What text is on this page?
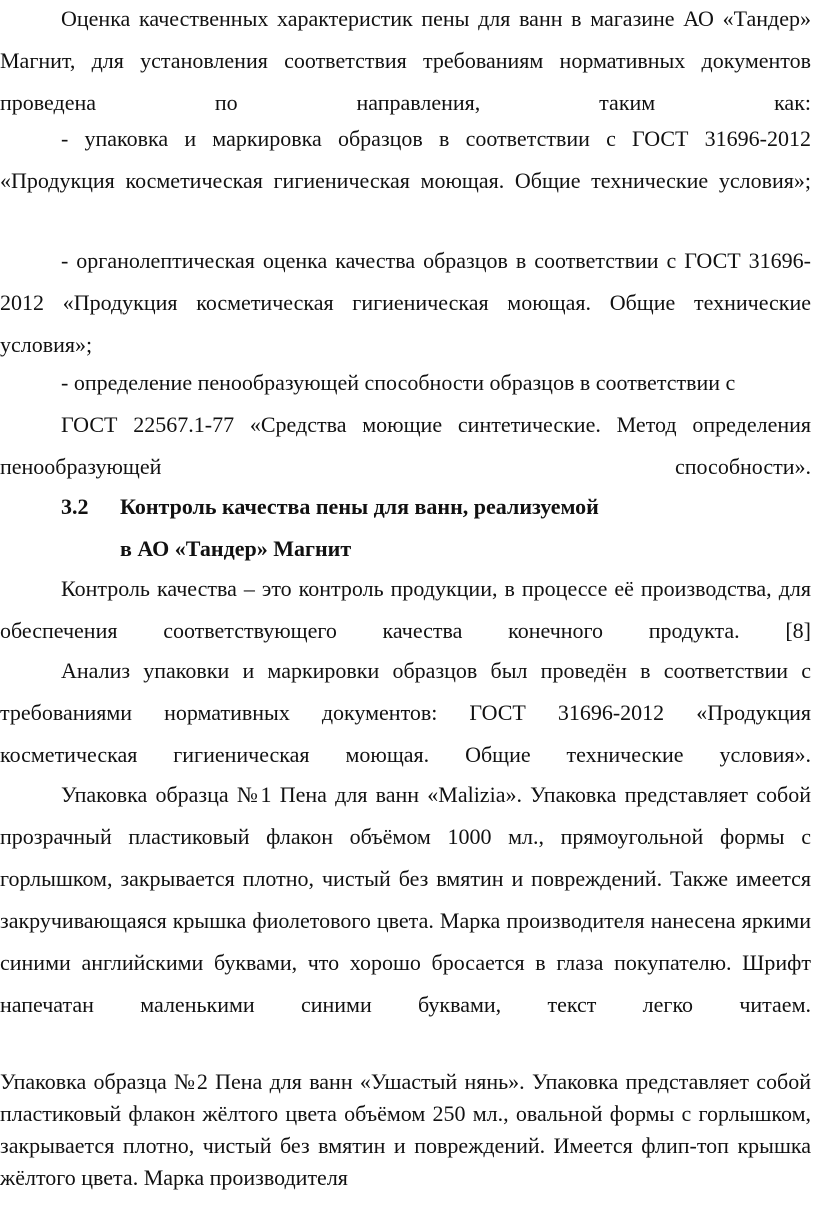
Оценка качественных характеристик пены для ванн в магазине АО «Тандер» Магнит, для установления соответствия требованиям нормативных документов проведена по направления, таким как:

- упаковка и маркировка образцов в соответствии с ГОСТ 31696-2012 «Продукция косметическая гигиеническая моющая. Общие технические условия»;

- органолептическая оценка качества образцов в соответствии с ГОСТ 31696-2012 «Продукция косметическая гигиеническая моющая. Общие технические условия»;

- определение пенообразующей способности образцов в соответствии с

ГОСТ 22567.1-77 «Средства моющие синтетические. Метод определения пенообразующей способности».

3.2 Контроль качества пены для ванн, реализуемой
в АО «Тандер» Магнит

Контроль качества – это контроль продукции, в процессе её производства, для обеспечения соответствующего качества конечного продукта. [8]

Анализ упаковки и маркировки образцов был проведён в соответствии с требованиями нормативных документов: ГОСТ 31696-2012 «Продукция косметическая гигиеническая моющая. Общие технические условия».

Упаковка образца №1 Пена для ванн «Malizia». Упаковка представляет собой прозрачный пластиковый флакон объёмом 1000 мл., прямоугольной формы с горлышком, закрывается плотно, чистый без вмятин и повреждений. Также имеется закручивающаяся крышка фиолетового цвета. Марка производителя нанесена яркими синими английскими буквами, что хорошо бросается в глаза покупателю. Шрифт напечатан маленькими синими буквами, текст легко читаем.

Упаковка образца №2 Пена для ванн «Ушастый нянь». Упаковка представляет собой пластиковый флакон жёлтого цвета объёмом 250 мл., овальной формы с горлышком, закрывается плотно, чистый без вмятин и повреждений. Имеется флип-топ крышка жёлтого цвета. Марка производителя
